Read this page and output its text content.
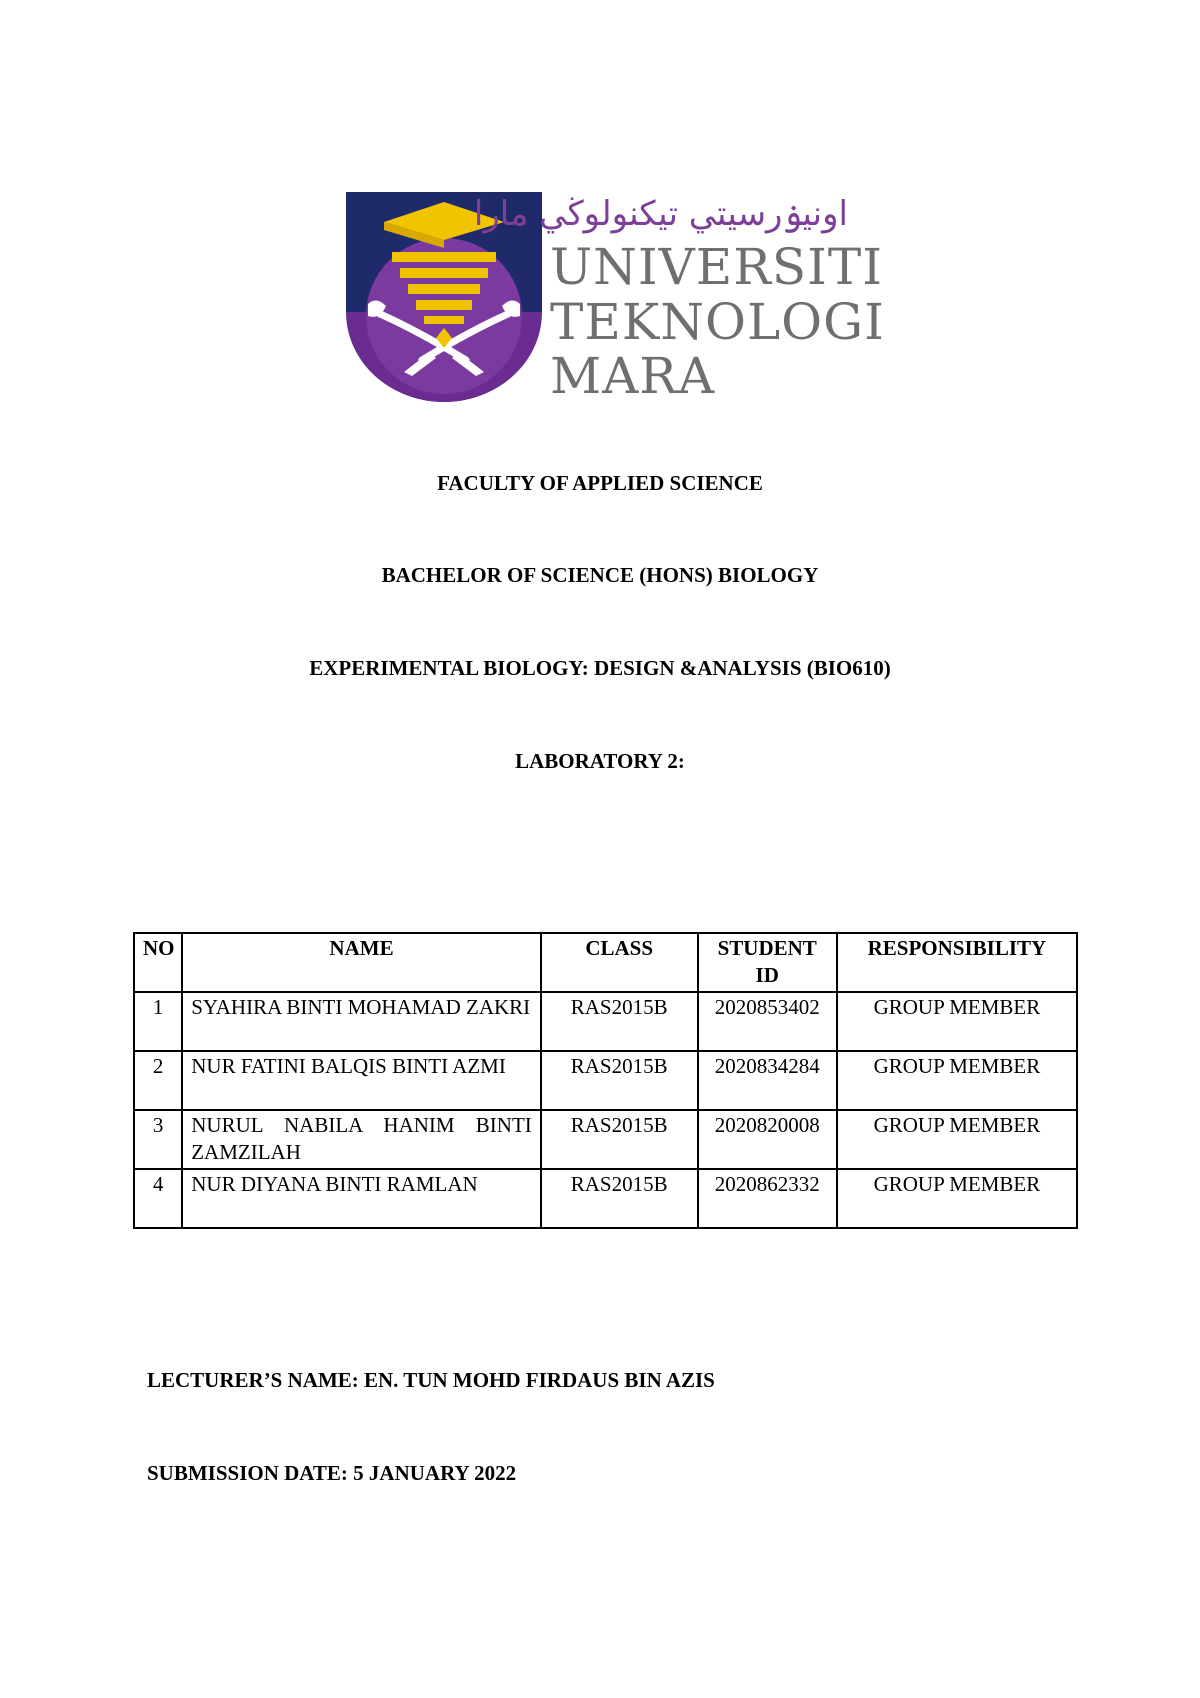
اونيۏرسيتي تيكنولوڬي مارا
UNIVERSITI
TEKNOLOGI
MARA
FACULTY OF APPLIED SCIENCE
BACHELOR OF SCIENCE (HONS) BIOLOGY
EXPERIMENTAL BIOLOGY: DESIGN &ANALYSIS (BIO610)
LABORATORY 2:
NO	NAME	CLASS	STUDENT ID	RESPONSIBILITY
1	SYAHIRA BINTI MOHAMAD ZAKRI	RAS2015B	2020853402	GROUP MEMBER
2	NUR FATINI BALQIS BINTI AZMI	RAS2015B	2020834284	GROUP MEMBER
3	NURUL NABILA HANIM BINTI ZAMZILAH	RAS2015B	2020820008	GROUP MEMBER
4	NUR DIYANA BINTI RAMLAN	RAS2015B	2020862332	GROUP MEMBER
LECTURER’S NAME: EN. TUN MOHD FIRDAUS BIN AZIS
SUBMISSION DATE: 5 JANUARY 2022
